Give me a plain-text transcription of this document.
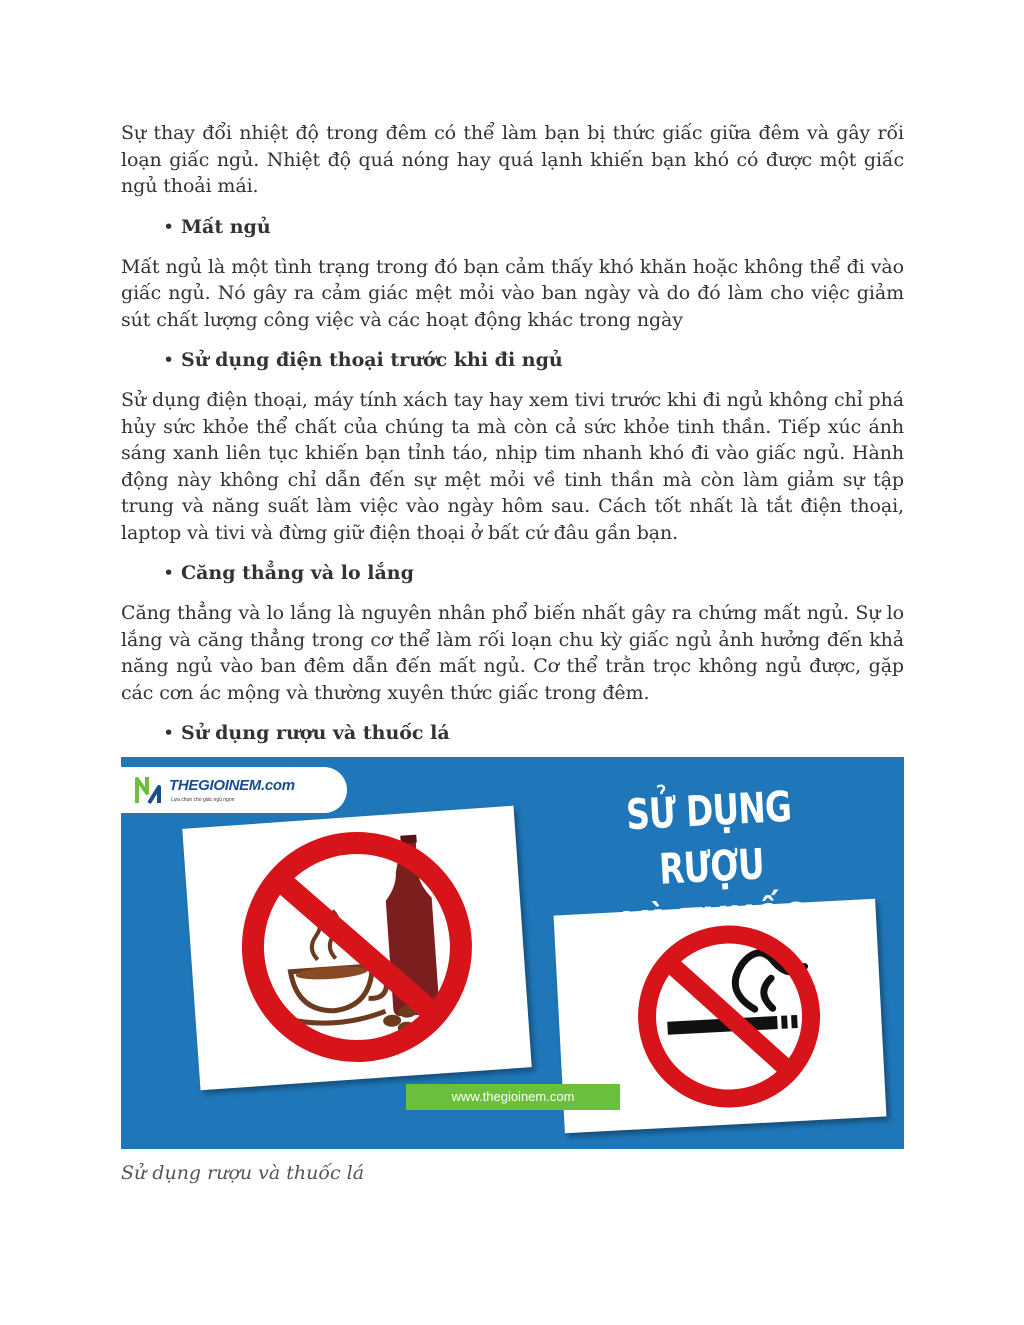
Sự thay đổi nhiệt độ trong đêm có thể làm bạn bị thức giấc giữa đêm và gây rối loạn giấc ngủ. Nhiệt độ quá nóng hay quá lạnh khiến bạn khó có được một giấc ngủ thoải mái.

• Mất ngủ

Mất ngủ là một tình trạng trong đó bạn cảm thấy khó khăn hoặc không thể đi vào giấc ngủ. Nó gây ra cảm giác mệt mỏi vào ban ngày và do đó làm cho việc giảm sút chất lượng công việc và các hoạt động khác trong ngày

• Sử dụng điện thoại trước khi đi ngủ

Sử dụng điện thoại, máy tính xách tay hay xem tivi trước khi đi ngủ không chỉ phá hủy sức khỏe thể chất của chúng ta mà còn cả sức khỏe tinh thần. Tiếp xúc ánh sáng xanh liên tục khiến bạn tỉnh táo, nhịp tim nhanh khó đi vào giấc ngủ. Hành động này không chỉ dẫn đến sự mệt mỏi về tinh thần mà còn làm giảm sự tập trung và năng suất làm việc vào ngày hôm sau. Cách tốt nhất là tắt điện thoại, laptop và tivi và đừng giữ điện thoại ở bất cứ đâu gần bạn.

• Căng thẳng và lo lắng

Căng thẳng và lo lắng là nguyên nhân phổ biến nhất gây ra chứng mất ngủ. Sự lo lắng và căng thẳng trong cơ thể làm rối loạn chu kỳ giấc ngủ ảnh hưởng đến khả năng ngủ vào ban đêm dẫn đến mất ngủ. Cơ thể trằn trọc không ngủ được, gặp các cơn ác mộng và thường xuyên thức giấc trong đêm.

• Sử dụng rượu và thuốc lá
THEGIOINEM.com
Lựa chọn cho giấc ngủ ngon	SỬ DỤNG RƯỢU
www.thegioinem.com
Sử dụng rượu và thuốc lá
